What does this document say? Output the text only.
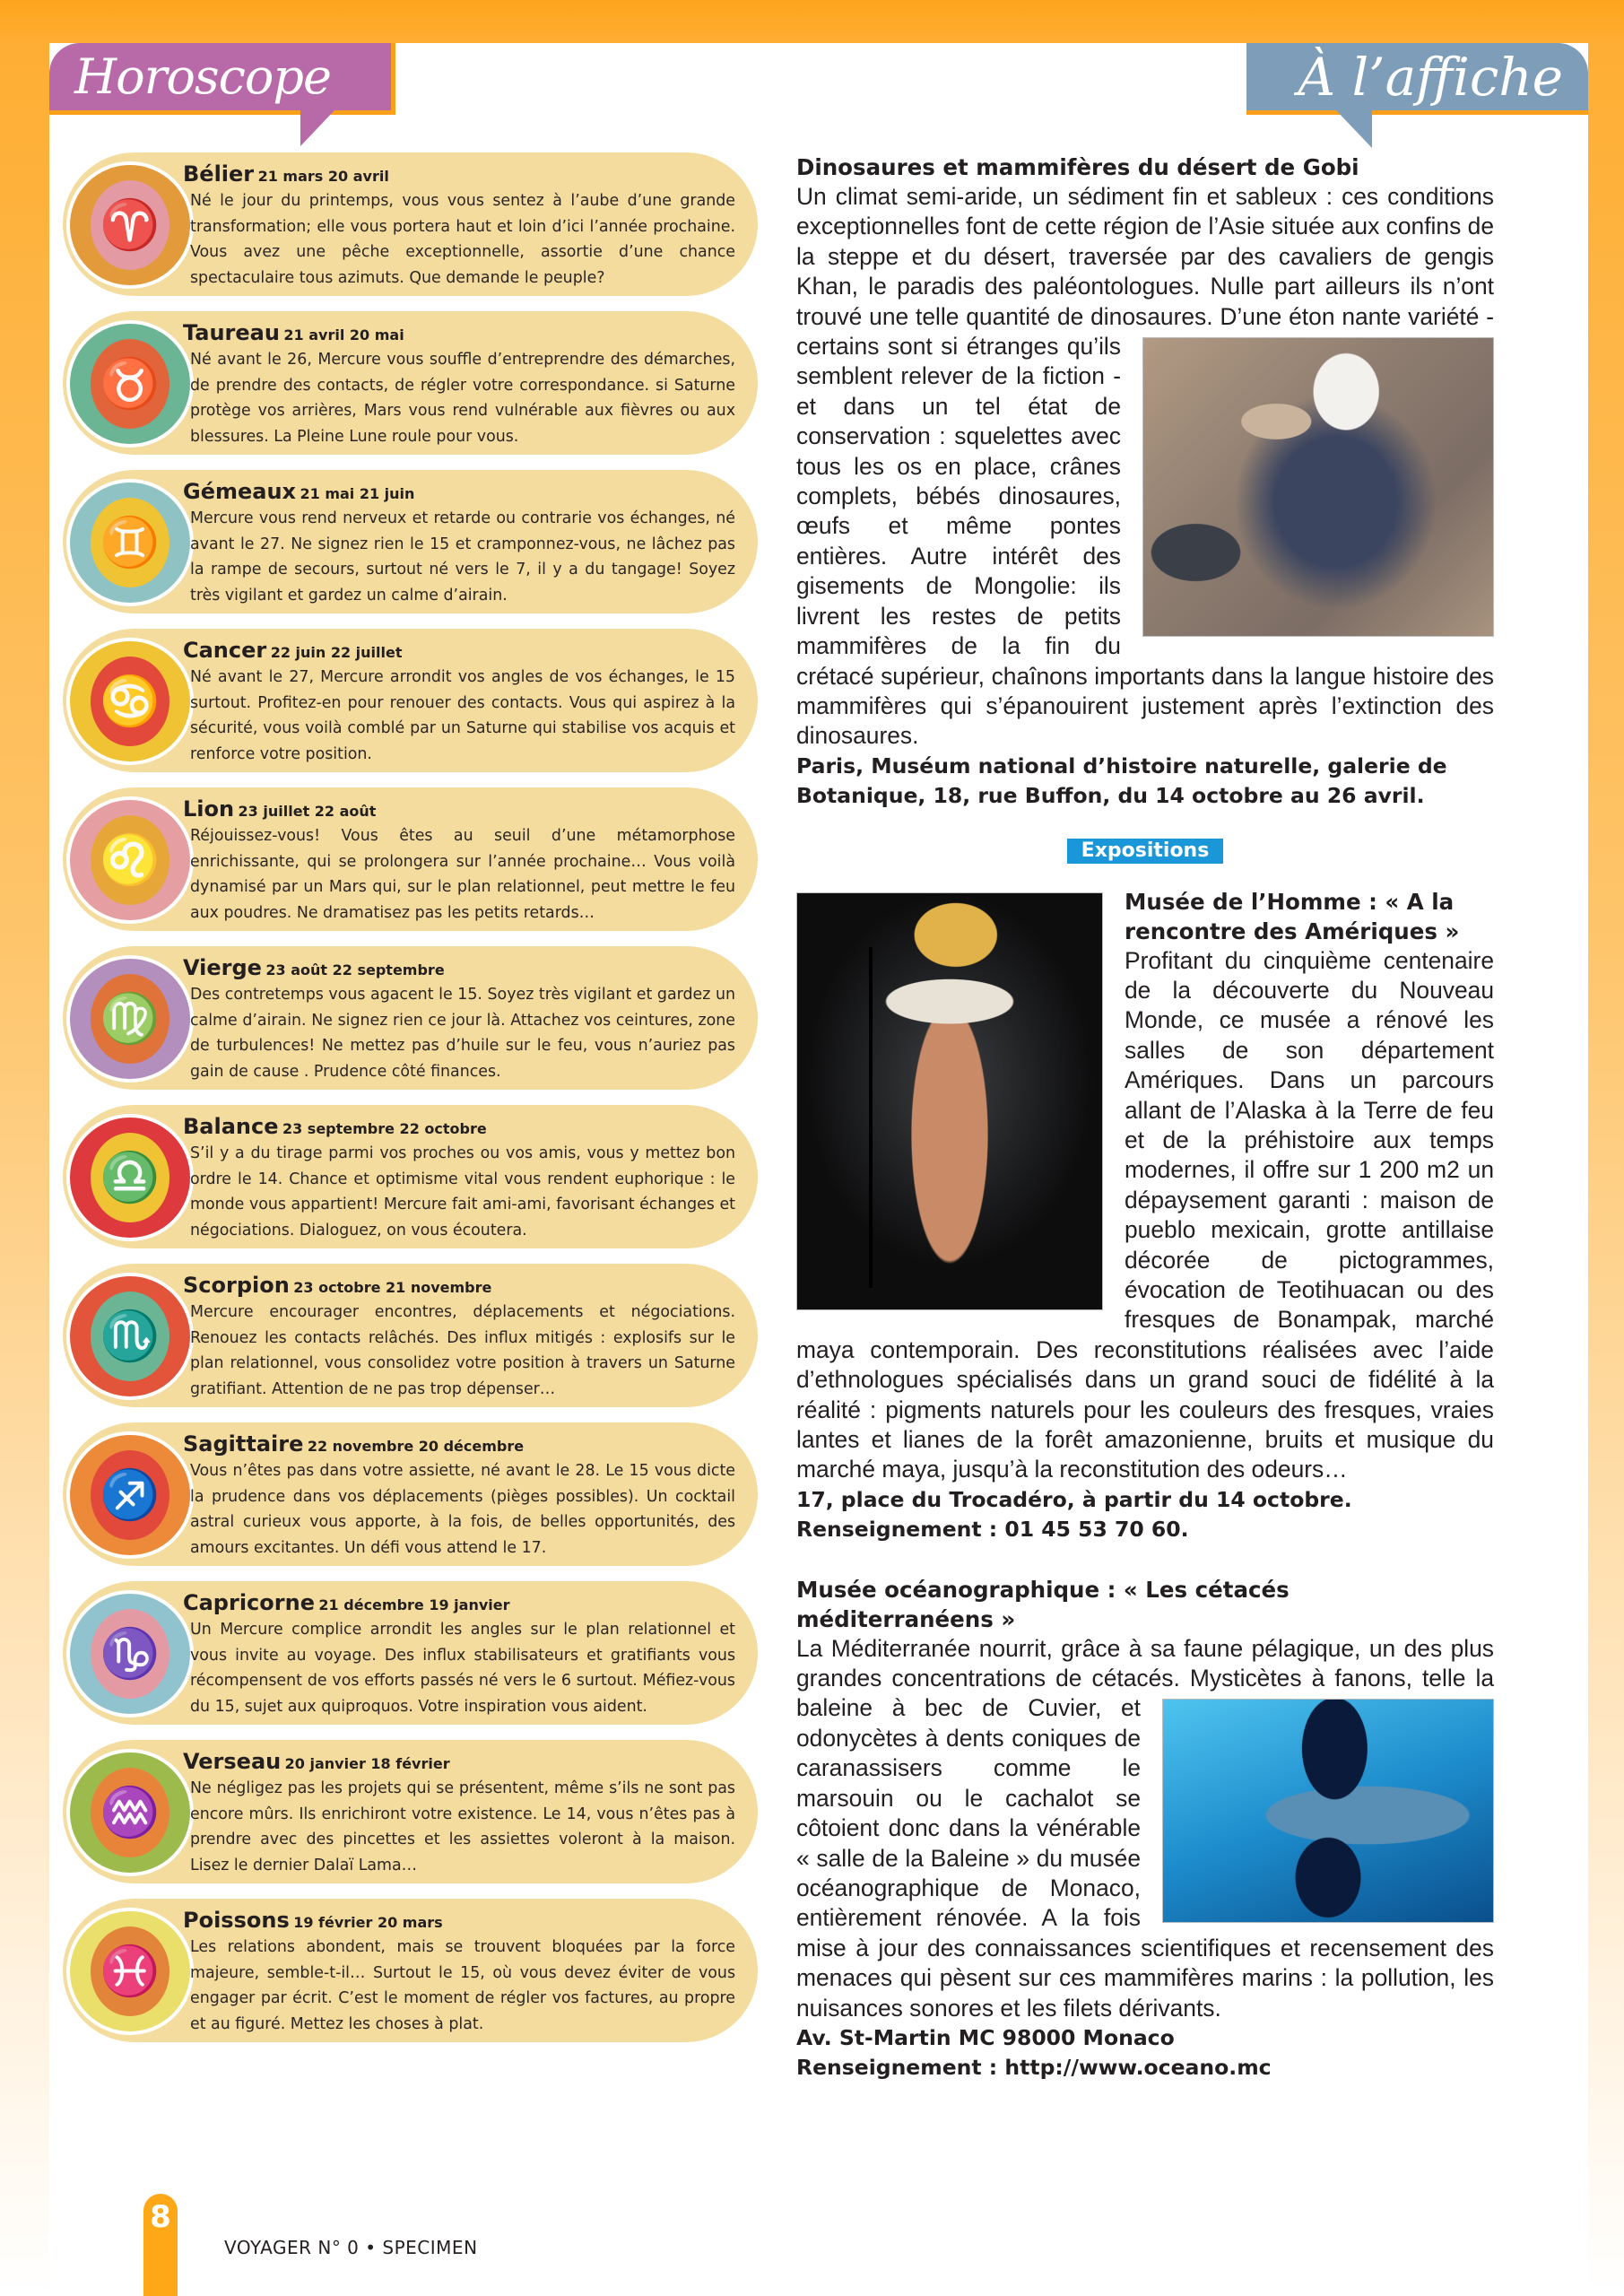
Horoscope	À l’affiche
♈
Bélier 21 mars 20 avril
Né le jour du printemps, vous vous sentez à l’aube d’une grande transformation; elle vous portera haut et loin d’ici l’année prochaine. Vous avez une pêche exceptionnelle, assortie d’une chance spectaculaire tous azimuts. Que demande le peuple?
♉
Taureau 21 avril 20 mai
Né avant le 26, Mercure vous souffle d’entreprendre des démarches, de prendre des contacts, de régler votre correspondance. si Saturne protège vos arrières, Mars vous rend vulnérable aux fièvres ou aux blessures. La Pleine Lune roule pour vous.
♊
Gémeaux 21 mai 21 juin
Mercure vous rend nerveux et retarde ou contrarie vos échanges, né avant le 27. Ne signez rien le 15 et cramponnez-vous, ne lâchez pas la rampe de secours, surtout né vers le 7, il y a du tangage! Soyez très vigilant et gardez un calme d’airain.
♋
Cancer 22 juin 22 juillet
Né avant le 27, Mercure arrondit vos angles de vos échanges, le 15 surtout. Profitez-en pour renouer des contacts. Vous qui aspirez à la sécurité, vous voilà comblé par un Saturne qui stabilise vos acquis et renforce votre position.
♌
Lion 23 juillet 22 août
Réjouissez-vous! Vous êtes au seuil d’une métamorphose enrichissante, qui se prolongera sur l’année prochaine… Vous voilà dynamisé par un Mars qui, sur le plan relationnel, peut mettre le feu aux poudres. Ne dramatisez pas les petits retards…
♍
Vierge 23 août 22 septembre
Des contretemps vous agacent le 15. Soyez très vigilant et gardez un calme d’airain. Ne signez rien ce jour là. Attachez vos ceintures, zone de turbulences! Ne mettez pas d’huile sur le feu, vous n’auriez pas gain de cause . Prudence côté finances.
♎
Balance 23 septembre 22 octobre
S’il y a du tirage parmi vos proches ou vos amis, vous y mettez bon ordre le 14. Chance et optimisme vital vous rendent euphorique : le monde vous appartient! Mercure fait ami-ami, favorisant échanges et négociations. Dialoguez, on vous écoutera.
♏
Scorpion 23 octobre 21 novembre
Mercure encourager encontres, déplacements et négociations. Renouez les contacts relâchés. Des influx mitigés : explosifs sur le plan relationnel, vous consolidez votre position à travers un Saturne gratifiant. Attention de ne pas trop dépenser…
♐
Sagittaire 22 novembre 20 décembre
Vous n’êtes pas dans votre assiette, né avant le 28. Le 15 vous dicte la prudence dans vos déplacements (pièges possibles). Un cocktail astral curieux vous apporte, à la fois, de belles opportunités, des amours excitantes. Un défi vous attend le 17.
♑
Capricorne 21 décembre 19 janvier
Un Mercure complice arrondit les angles sur le plan relationnel et vous invite au voyage. Des influx stabilisateurs et gratifiants vous récompensent de vos efforts passés né vers le 6 surtout. Méfiez-vous du 15, sujet aux quiproquos. Votre inspiration vous aident.
♒
Verseau 20 janvier 18 février
Ne négligez pas les projets qui se présentent, même s’ils ne sont pas encore mûrs. Ils enrichiront votre existence. Le 14, vous n’êtes pas à prendre avec des pincettes et les assiettes voleront à la maison. Lisez le dernier Dalaï Lama…
♓
Poissons 19 février 20 mars
Les relations abondent, mais se trouvent bloquées par la force majeure, semble-t-il… Surtout le 15, où vous devez éviter de vous engager par écrit. C’est le moment de régler vos factures, au propre et au figuré. Mettez les choses à plat.
Dinosaures et mammifères du désert de Gobi
Un climat semi-aride, un sédiment fin et sableux : ces conditions exceptionnelles font de cette région de l’Asie située aux confins de la steppe et du désert, traversée par des cavaliers de gengis Khan, le paradis des paléontologues. Nulle part ailleurs ils n’ont trouvé une telle quantité de dinosaures. D’une éton nante variété - certains sont si étranges qu’ils semblent relever de la fiction - et dans un tel état de conservation : squelettes avec tous les os en place, crânes complets, bébés dinosaures, œufs et même pontes entières. Autre intérêt des gisements de Mongolie: ils livrent les restes de petits mammifères de la fin du crétacé supérieur, chaînons importants dans la langue histoire des mammifères qui s’épanouirent justement après l’extinction des dinosaures.
Paris, Muséum national d’histoire naturelle, galerie de Botanique, 18, rue Buffon, du 14 octobre au 26 avril.
Expositions
Musée de l’Homme : « A la rencontre des Amériques »
Profitant du cinquième centenaire de la découverte du Nouveau Monde, ce musée a rénové les salles de son département Amériques. Dans un parcours allant de l’Alaska à la Terre de feu et de la préhistoire aux temps modernes, il offre sur 1 200 m2 un dépaysement garanti : maison de pueblo mexicain, grotte antillaise décorée de pictogrammes, évocation de Teotihuacan ou des fresques de Bonampak, marché maya contemporain. Des reconstitutions réalisées avec l’aide d’ethnologues spécialisés dans un grand souci de fidélité à la réalité : pigments naturels pour les couleurs des fresques, vraies lantes et lianes de la forêt amazonienne, bruits et musique du marché maya, jusqu’à la reconstitution des odeurs…
17, place du Trocadéro, à partir du 14 octobre.
Renseignement : 01 45 53 70 60.
Musée océanographique : « Les cétacés méditerranéens »
La Méditerranée nourrit, grâce à sa faune pélagique, un des plus grandes concentrations de cétacés. Mysticètes à fanons, telle
la baleine à bec de Cuvier, et odonycètes à dents coniques de caranassisers comme le marsouin ou le cachalot se côtoient donc dans la vénérable « salle de la Baleine » du musée océanographique de Monaco, entièrement rénovée. A la fois mise à jour des connaissances scientifiques et recensement des menaces qui pèsent sur ces mammifères marins : la pollution, les nuisances sonores et les filets dérivants.
Av. St-Martin MC 98000 Monaco
Renseignement : http://www.oceano.mc
8
VOYAGER N° 0 • SPECIMEN
